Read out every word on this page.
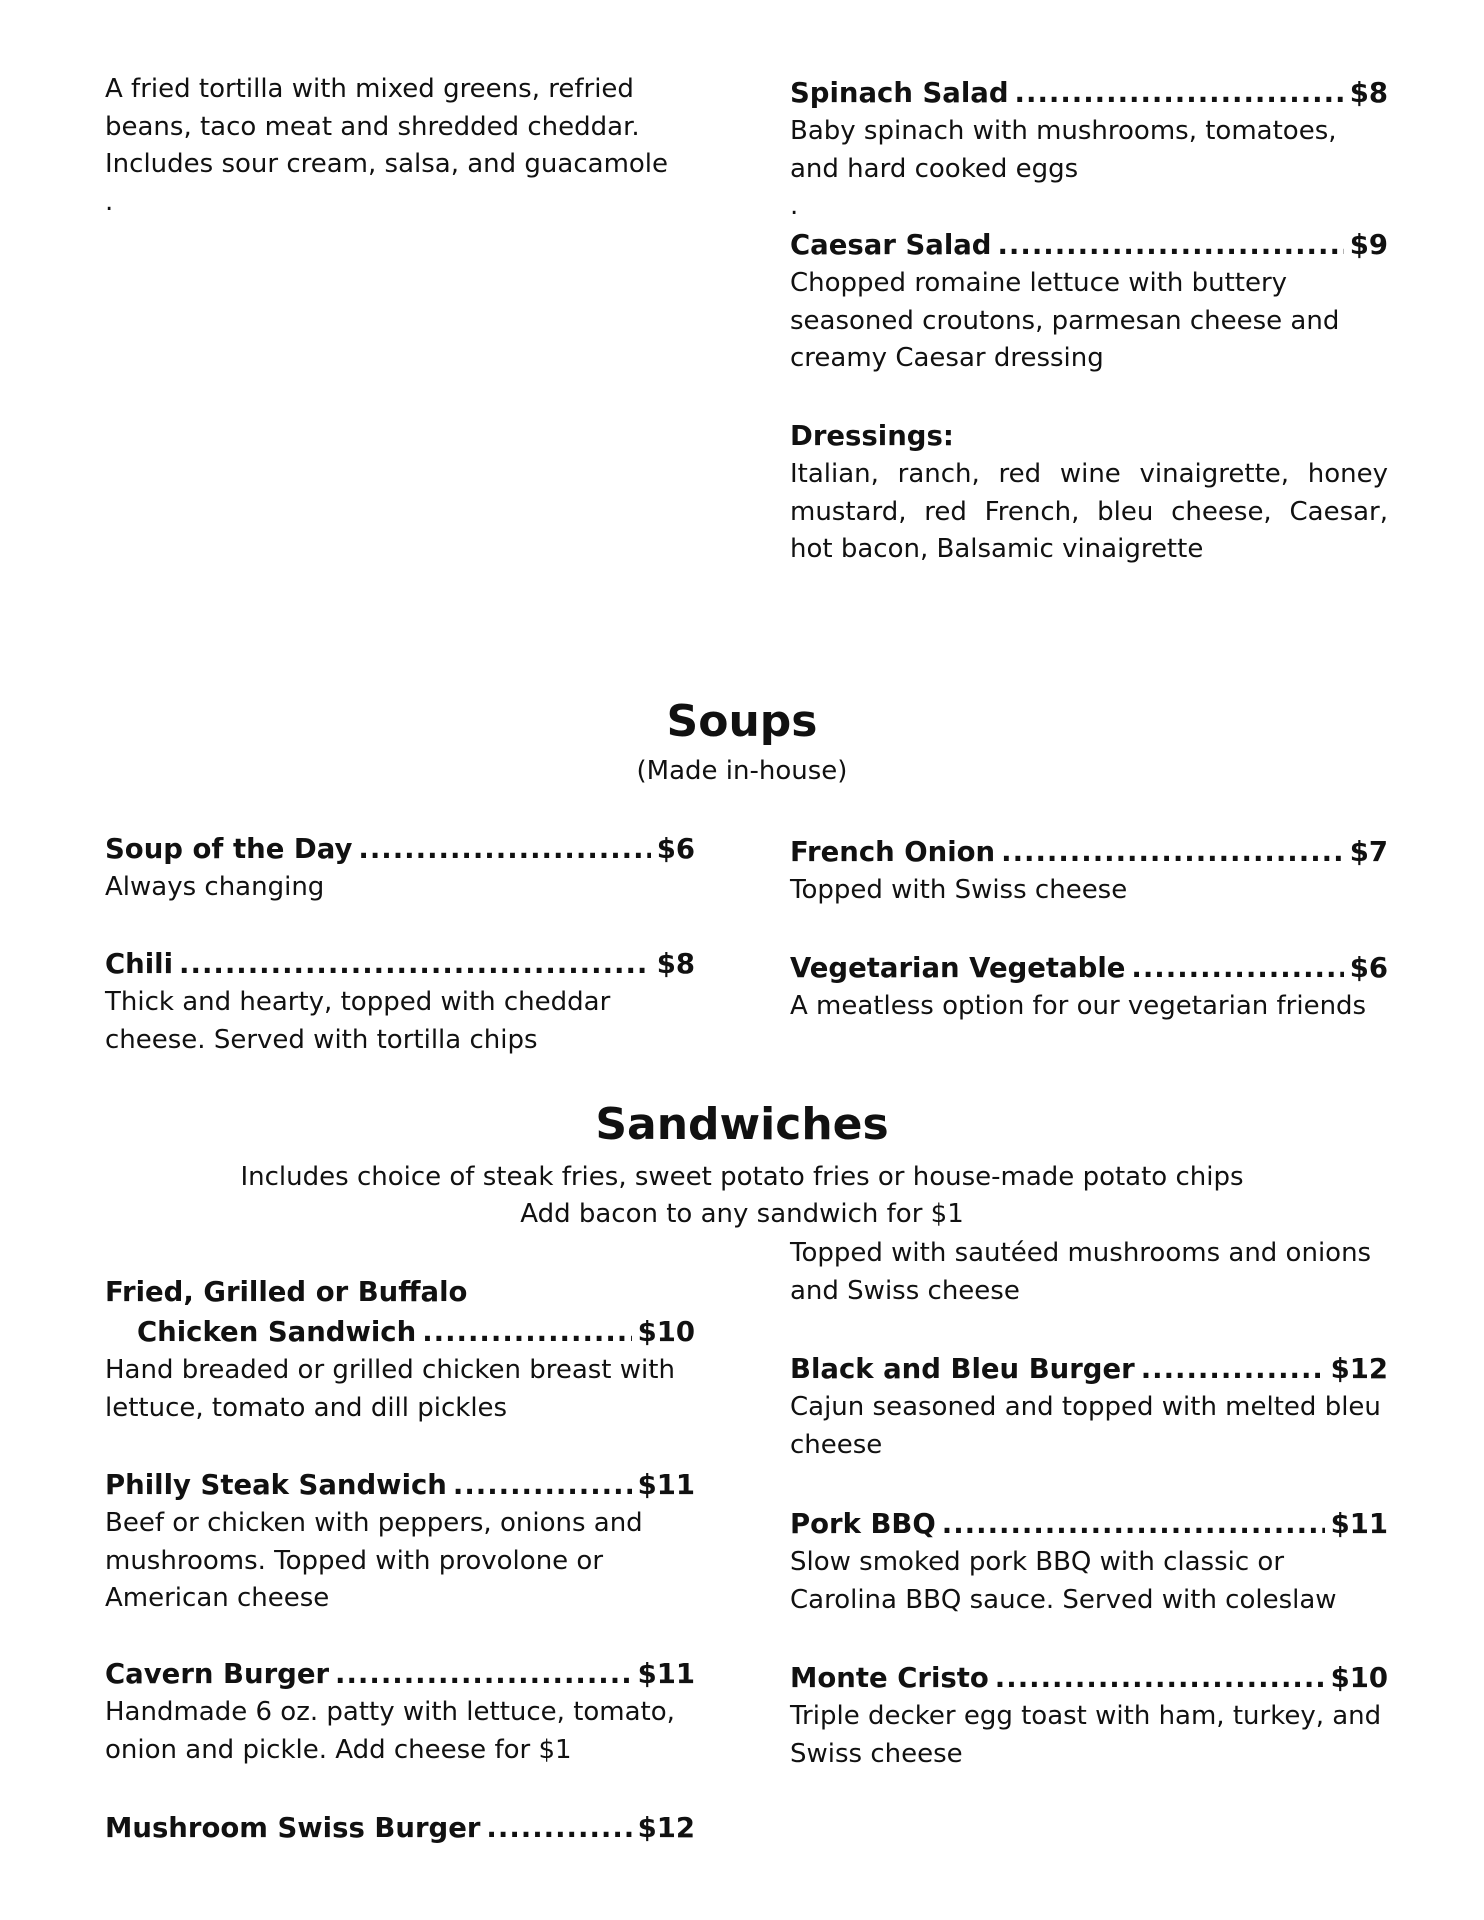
A fried tortilla with mixed greens, refried beans, taco meat and shredded cheddar. Includes sour cream, salsa, and guacamole
.
Spinach Salad .....	$8
Baby spinach with mushrooms, tomatoes, and hard cooked eggs
.
Caesar Salad .....	$9
Chopped romaine lettuce with buttery seasoned croutons, parmesan cheese and creamy Caesar dressing
Dressings:
Italian, ranch, red wine vinaigrette, honey mustard, red French, bleu cheese, Caesar, hot bacon, Balsamic vinaigrette
Soups
(Made in-house)
Soup of the Day .....	$6
Always changing
Chili .....	$8
Thick and hearty, topped with cheddar cheese. Served with tortilla chips
French Onion .....	$7
Topped with Swiss cheese
Vegetarian Vegetable .....	$6
A meatless option for our vegetarian friends
Sandwiches
Includes choice of steak fries, sweet potato fries or house-made potato chips
Add bacon to any sandwich for $1
Fried, Grilled or Buffalo
Chicken Sandwich .....	$10
Hand breaded or grilled chicken breast with lettuce, tomato and dill pickles
Philly Steak Sandwich .....	$11
Beef or chicken with peppers, onions and mushrooms. Topped with provolone or American cheese
Cavern Burger .....	$11
Handmade 6 oz. patty with lettuce, tomato, onion and pickle. Add cheese for $1
Mushroom Swiss Burger .....	$12
Topped with sautéed mushrooms and onions and Swiss cheese
Black and Bleu Burger .....	$12
Cajun seasoned and topped with melted bleu cheese
Pork BBQ .....	$11
Slow smoked pork BBQ with classic or Carolina BBQ sauce. Served with coleslaw
Monte Cristo .....	$10
Triple decker egg toast with ham, turkey, and Swiss cheese
